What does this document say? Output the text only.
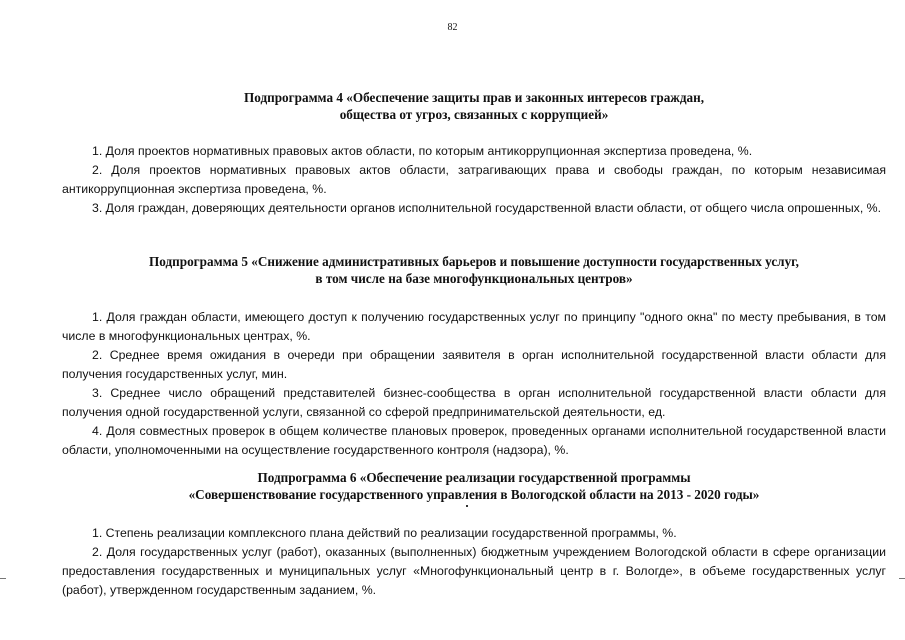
82
Подпрограмма 4 «Обеспечение защиты прав и законных интересов граждан,
общества от угроз, связанных с коррупцией»
1. Доля проектов нормативных правовых актов области, по которым антикоррупционная экспертиза проведена, %.
2. Доля проектов нормативных правовых актов области, затрагивающих права и свободы граждан, по которым независимая антикоррупционная экспертиза проведена, %.
3. Доля граждан, доверяющих деятельности органов исполнительной государственной власти области, от общего числа опрошенных, %.
Подпрограмма 5 «Снижение административных барьеров и повышение доступности государственных услуг,
в том числе на базе многофункциональных центров»
1. Доля граждан области, имеющего доступ к получению государственных услуг по принципу "одного окна" по месту пребывания, в том числе в многофункциональных центрах, %.
2. Среднее время ожидания в очереди при обращении заявителя в орган исполнительной государственной власти области для получения государственных услуг, мин.
3. Среднее число обращений представителей бизнес-сообщества в орган исполнительной государственной власти области для получения одной государственной услуги, связанной со сферой предпринимательской деятельности, ед.
4. Доля совместных проверок в общем количестве плановых проверок, проведенных органами исполнительной государственной власти области, уполномоченными на осуществление государственного контроля (надзора), %.
Подпрограмма 6 «Обеспечение реализации государственной программы
«Совершенствование государственного управления в Вологодской области на 2013 - 2020 годы»
1. Степень реализации комплексного плана действий по реализации государственной программы, %.
2. Доля государственных услуг (работ), оказанных (выполненных) бюджетным учреждением Вологодской области в сфере организации предоставления государственных и муниципальных услуг «Многофункциональный центр в г. Вологде», в объеме государственных услуг (работ), утвержденном государственным заданием, %.
